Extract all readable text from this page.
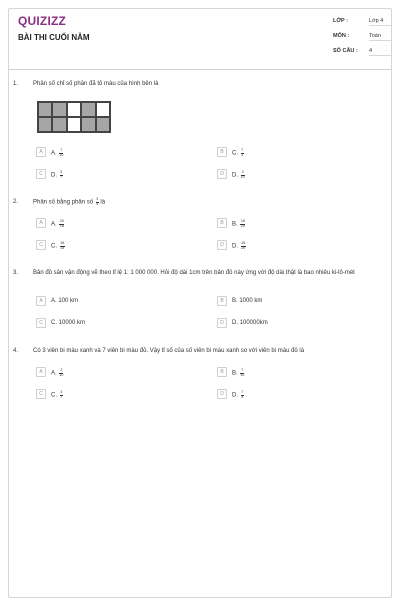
QUIZIZZ
BÀI THI CUỐI NĂM
LỚP :	Lớp 4
MÔN :	Toán
SỐ CÂU : 4
1. Phân số chỉ số phần đã tô màu của hình bên là
A	A. $\frac{7}{10}$	B	C. $\frac{7}{3}$
C	D. $\frac{3}{7}$	D	D. $\frac{3}{10}$
2. Phân số bằng phân số $\frac{3}{4}$ là
A	A. $\frac{20}{16}$	B	B. $\frac{16}{20}$
C	C. $\frac{16}{15}$	D	D. $\frac{15}{20}$
3. Bản đồ sân vận động vẽ theo tỉ lệ 1: 1 000 000. Hỏi độ dài 1cm trên bản đồ này ứng với độ dài thật là bao nhiêu ki-lô-mét
A	A. 100 km	B	B. 1000 km
C	C. 10000 km	D	D. 100000km
4. Có 3 viên bi màu xanh và 7 viên bi màu đỏ. Vậy tỉ số của số viên bi màu xanh so với viên bi màu đỏ là
A	A. $\frac{3}{10}$	B	B. $\frac{7}{10}$
C	C. $\frac{3}{7}$	D	D. $\frac{7}{3}$
